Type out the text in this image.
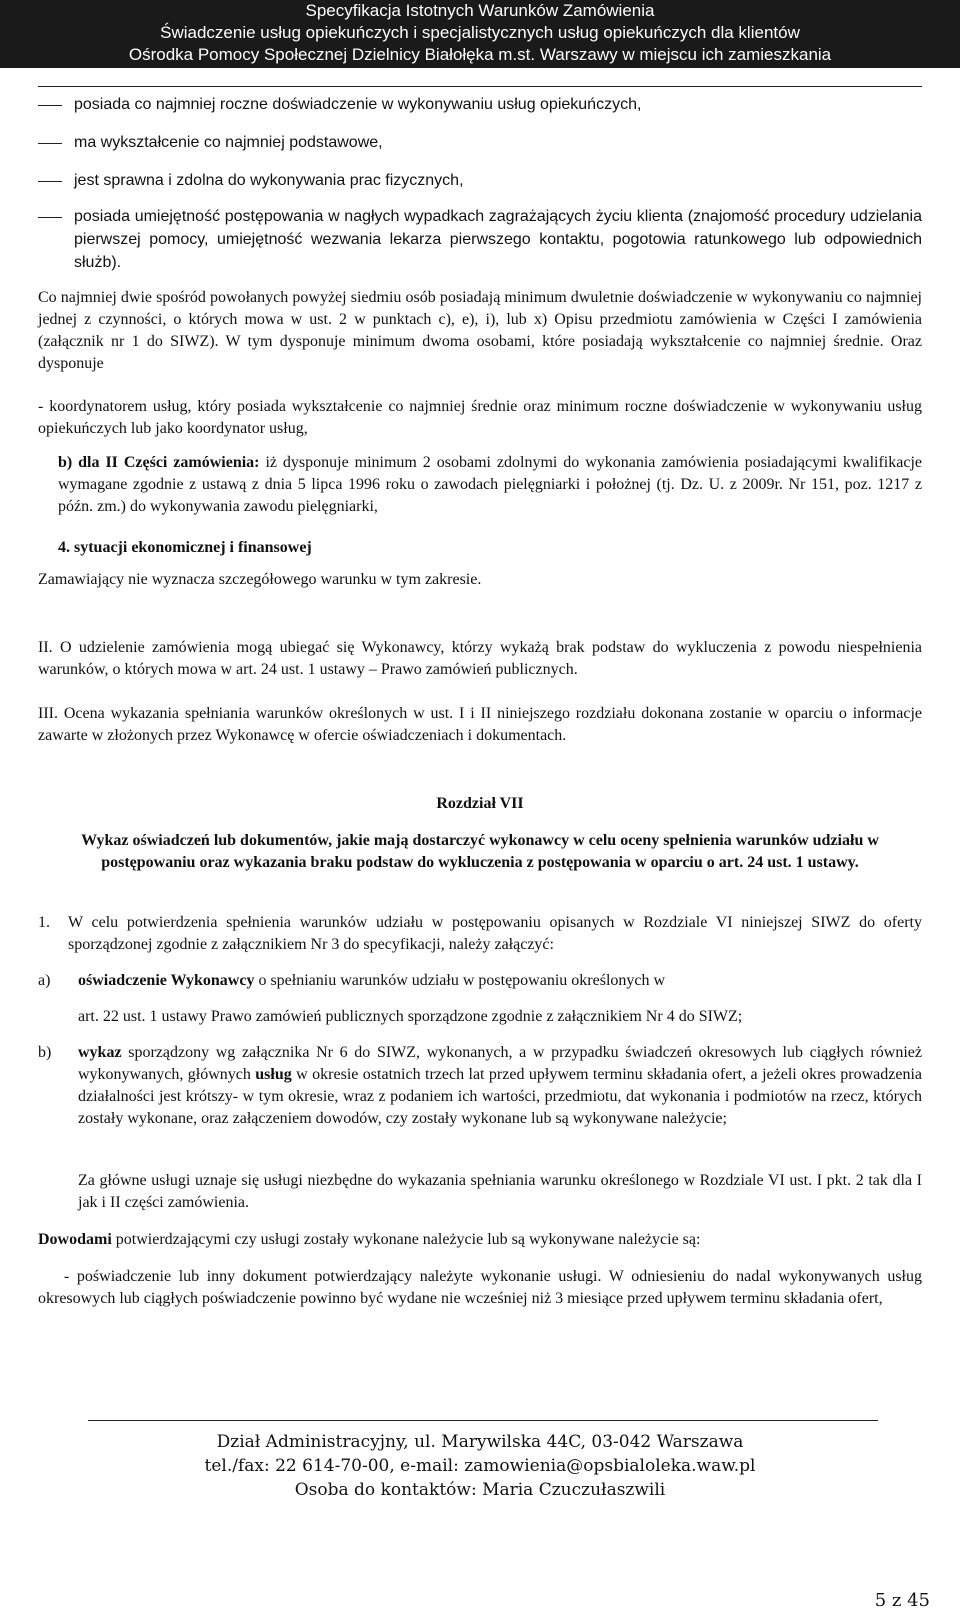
Specyfikacja Istotnych Warunków Zamówienia
Świadczenie usług opiekuńczych i specjalistycznych usług opiekuńczych dla klientów
Ośrodka Pomocy Społecznej Dzielnicy Białołęka m.st. Warszawy w miejscu ich zamieszkania
posiada co najmniej roczne doświadczenie w wykonywaniu usług opiekuńczych,
ma wykształcenie co najmniej podstawowe,
jest sprawna i zdolna do wykonywania prac fizycznych,
posiada umiejętność postępowania w nagłych wypadkach zagrażających życiu klienta (znajomość procedury udzielania pierwszej pomocy, umiejętność wezwania lekarza pierwszego kontaktu, pogotowia ratunkowego lub odpowiednich służb).
Co najmniej dwie spośród powołanych powyżej siedmiu osób posiadają minimum dwuletnie doświadczenie w wykonywaniu co najmniej jednej z czynności, o których mowa w ust. 2 w punktach c), e), i), lub x) Opisu przedmiotu zamówienia w Części I zamówienia (załącznik nr 1 do SIWZ). W tym dysponuje minimum dwoma osobami, które posiadają wykształcenie co najmniej średnie. Oraz dysponuje
- koordynatorem usług, który posiada wykształcenie co najmniej średnie oraz minimum roczne doświadczenie w wykonywaniu usług opiekuńczych lub jako koordynator usług,
b) dla II Części zamówienia: iż dysponuje minimum 2 osobami zdolnymi do wykonania zamówienia posiadającymi kwalifikacje wymagane zgodnie z ustawą z dnia 5 lipca 1996 roku o zawodach pielęgniarki i położnej (tj. Dz. U. z 2009r. Nr 151, poz. 1217 z późn. zm.) do wykonywania zawodu pielęgniarki,
4. sytuacji ekonomicznej i finansowej
Zamawiający nie wyznacza szczegółowego warunku w tym zakresie.
II. O udzielenie zamówienia mogą ubiegać się Wykonawcy, którzy wykażą brak podstaw do wykluczenia z powodu niespełnienia warunków, o których mowa w art. 24 ust. 1 ustawy – Prawo zamówień publicznych.
III. Ocena wykazania spełniania warunków określonych w ust. I i II niniejszego rozdziału dokonana zostanie w oparciu o informacje zawarte w złożonych przez Wykonawcę w ofercie oświadczeniach i dokumentach.
Rozdział VII
Wykaz oświadczeń lub dokumentów, jakie mają dostarczyć wykonawcy w celu oceny spełnienia warunków udziału w postępowaniu oraz wykazania braku podstaw do wykluczenia z postępowania w oparciu o art. 24 ust. 1 ustawy.
1.	W celu potwierdzenia spełnienia warunków udziału w postępowaniu opisanych w Rozdziale VI niniejszej SIWZ do oferty sporządzonej zgodnie z załącznikiem Nr 3 do specyfikacji, należy załączyć:
a)	oświadczenie Wykonawcy o spełnianiu warunków udziału w postępowaniu określonych w
art. 22 ust. 1 ustawy Prawo zamówień publicznych sporządzone zgodnie z załącznikiem Nr 4 do SIWZ;
b)	wykaz sporządzony wg załącznika Nr 6 do SIWZ, wykonanych, a w przypadku świadczeń okresowych lub ciągłych również wykonywanych, głównych usług w okresie ostatnich trzech lat przed upływem terminu składania ofert, a jeżeli okres prowadzenia działalności jest krótszy- w tym okresie, wraz z podaniem ich wartości, przedmiotu, dat wykonania i podmiotów na rzecz, których zostały wykonane, oraz załączeniem dowodów, czy zostały wykonane lub są wykonywane należycie;
Za główne usługi uznaje się usługi niezbędne do wykazania spełniania warunku określonego w Rozdziale VI ust. I pkt. 2 tak dla I jak i II części zamówienia.
Dowodami potwierdzającymi czy usługi zostały wykonane należycie lub są wykonywane należycie są:
- poświadczenie lub inny dokument potwierdzający należyte wykonanie usługi. W odniesieniu do nadal wykonywanych usług okresowych lub ciągłych poświadczenie powinno być wydane nie wcześniej niż 3 miesiące przed upływem terminu składania ofert,
Dział Administracyjny, ul. Marywilska 44C, 03-042 Warszawa
tel./fax: 22 614-70-00, e-mail: zamowienia@opsbialoleka.waw.pl
Osoba do kontaktów: Maria Czuczułaszwili
5 z 45
